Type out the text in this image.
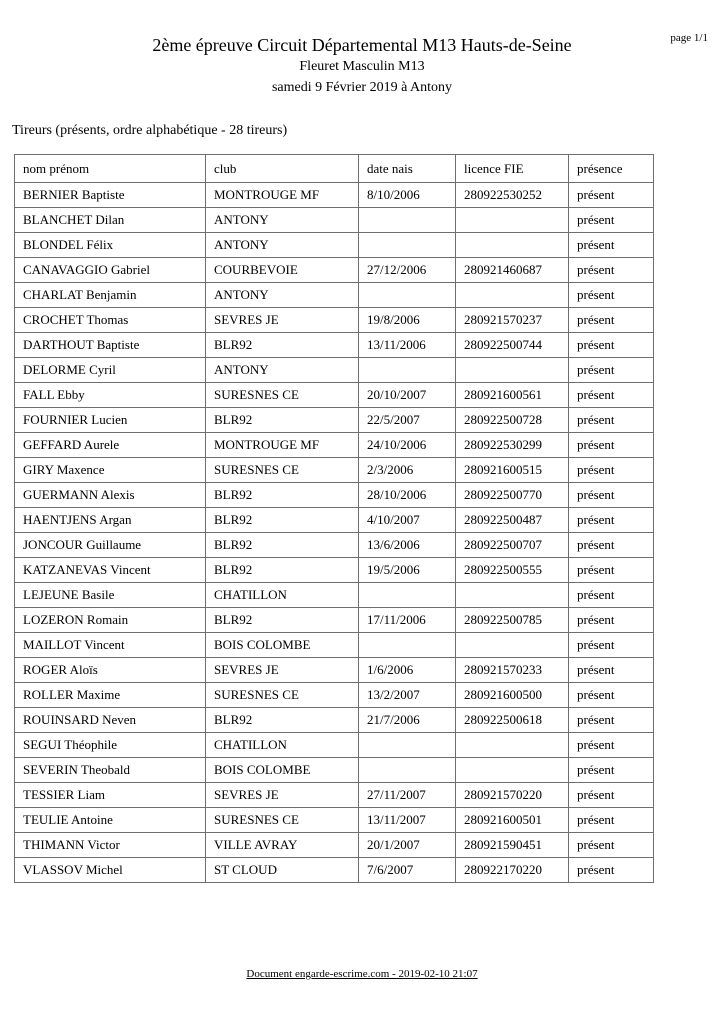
2ème épreuve Circuit Départemental M13 Hauts-de-Seine	page 1/1
Fleuret Masculin M13
samedi 9 Février 2019 à Antony
Tireurs (présents, ordre alphabétique - 28 tireurs)
nom prénom	club	date nais	licence FIE	présence
BERNIER Baptiste	MONTROUGE MF	8/10/2006	280922530252	présent
BLANCHET Dilan	ANTONY			présent
BLONDEL Félix	ANTONY			présent
CANAVAGGIO Gabriel	COURBEVOIE	27/12/2006	280921460687	présent
CHARLAT Benjamin	ANTONY			présent
CROCHET Thomas	SEVRES JE	19/8/2006	280921570237	présent
DARTHOUT Baptiste	BLR92	13/11/2006	280922500744	présent
DELORME Cyril	ANTONY			présent
FALL Ebby	SURESNES CE	20/10/2007	280921600561	présent
FOURNIER Lucien	BLR92	22/5/2007	280922500728	présent
GEFFARD Aurele	MONTROUGE MF	24/10/2006	280922530299	présent
GIRY Maxence	SURESNES CE	2/3/2006	280921600515	présent
GUERMANN Alexis	BLR92	28/10/2006	280922500770	présent
HAENTJENS Argan	BLR92	4/10/2007	280922500487	présent
JONCOUR Guillaume	BLR92	13/6/2006	280922500707	présent
KATZANEVAS Vincent	BLR92	19/5/2006	280922500555	présent
LEJEUNE Basile	CHATILLON			présent
LOZERON Romain	BLR92	17/11/2006	280922500785	présent
MAILLOT Vincent	BOIS COLOMBE			présent
ROGER Aloïs	SEVRES JE	1/6/2006	280921570233	présent
ROLLER Maxime	SURESNES CE	13/2/2007	280921600500	présent
ROUINSARD Neven	BLR92	21/7/2006	280922500618	présent
SEGUI Théophile	CHATILLON			présent
SEVERIN Theobald	BOIS COLOMBE			présent
TESSIER Liam	SEVRES JE	27/11/2007	280921570220	présent
TEULIE Antoine	SURESNES CE	13/11/2007	280921600501	présent
THIMANN Victor	VILLE AVRAY	20/1/2007	280921590451	présent
VLASSOV Michel	ST CLOUD	7/6/2007	280922170220	présent
Document engarde-escrime.com - 2019-02-10 21:07
